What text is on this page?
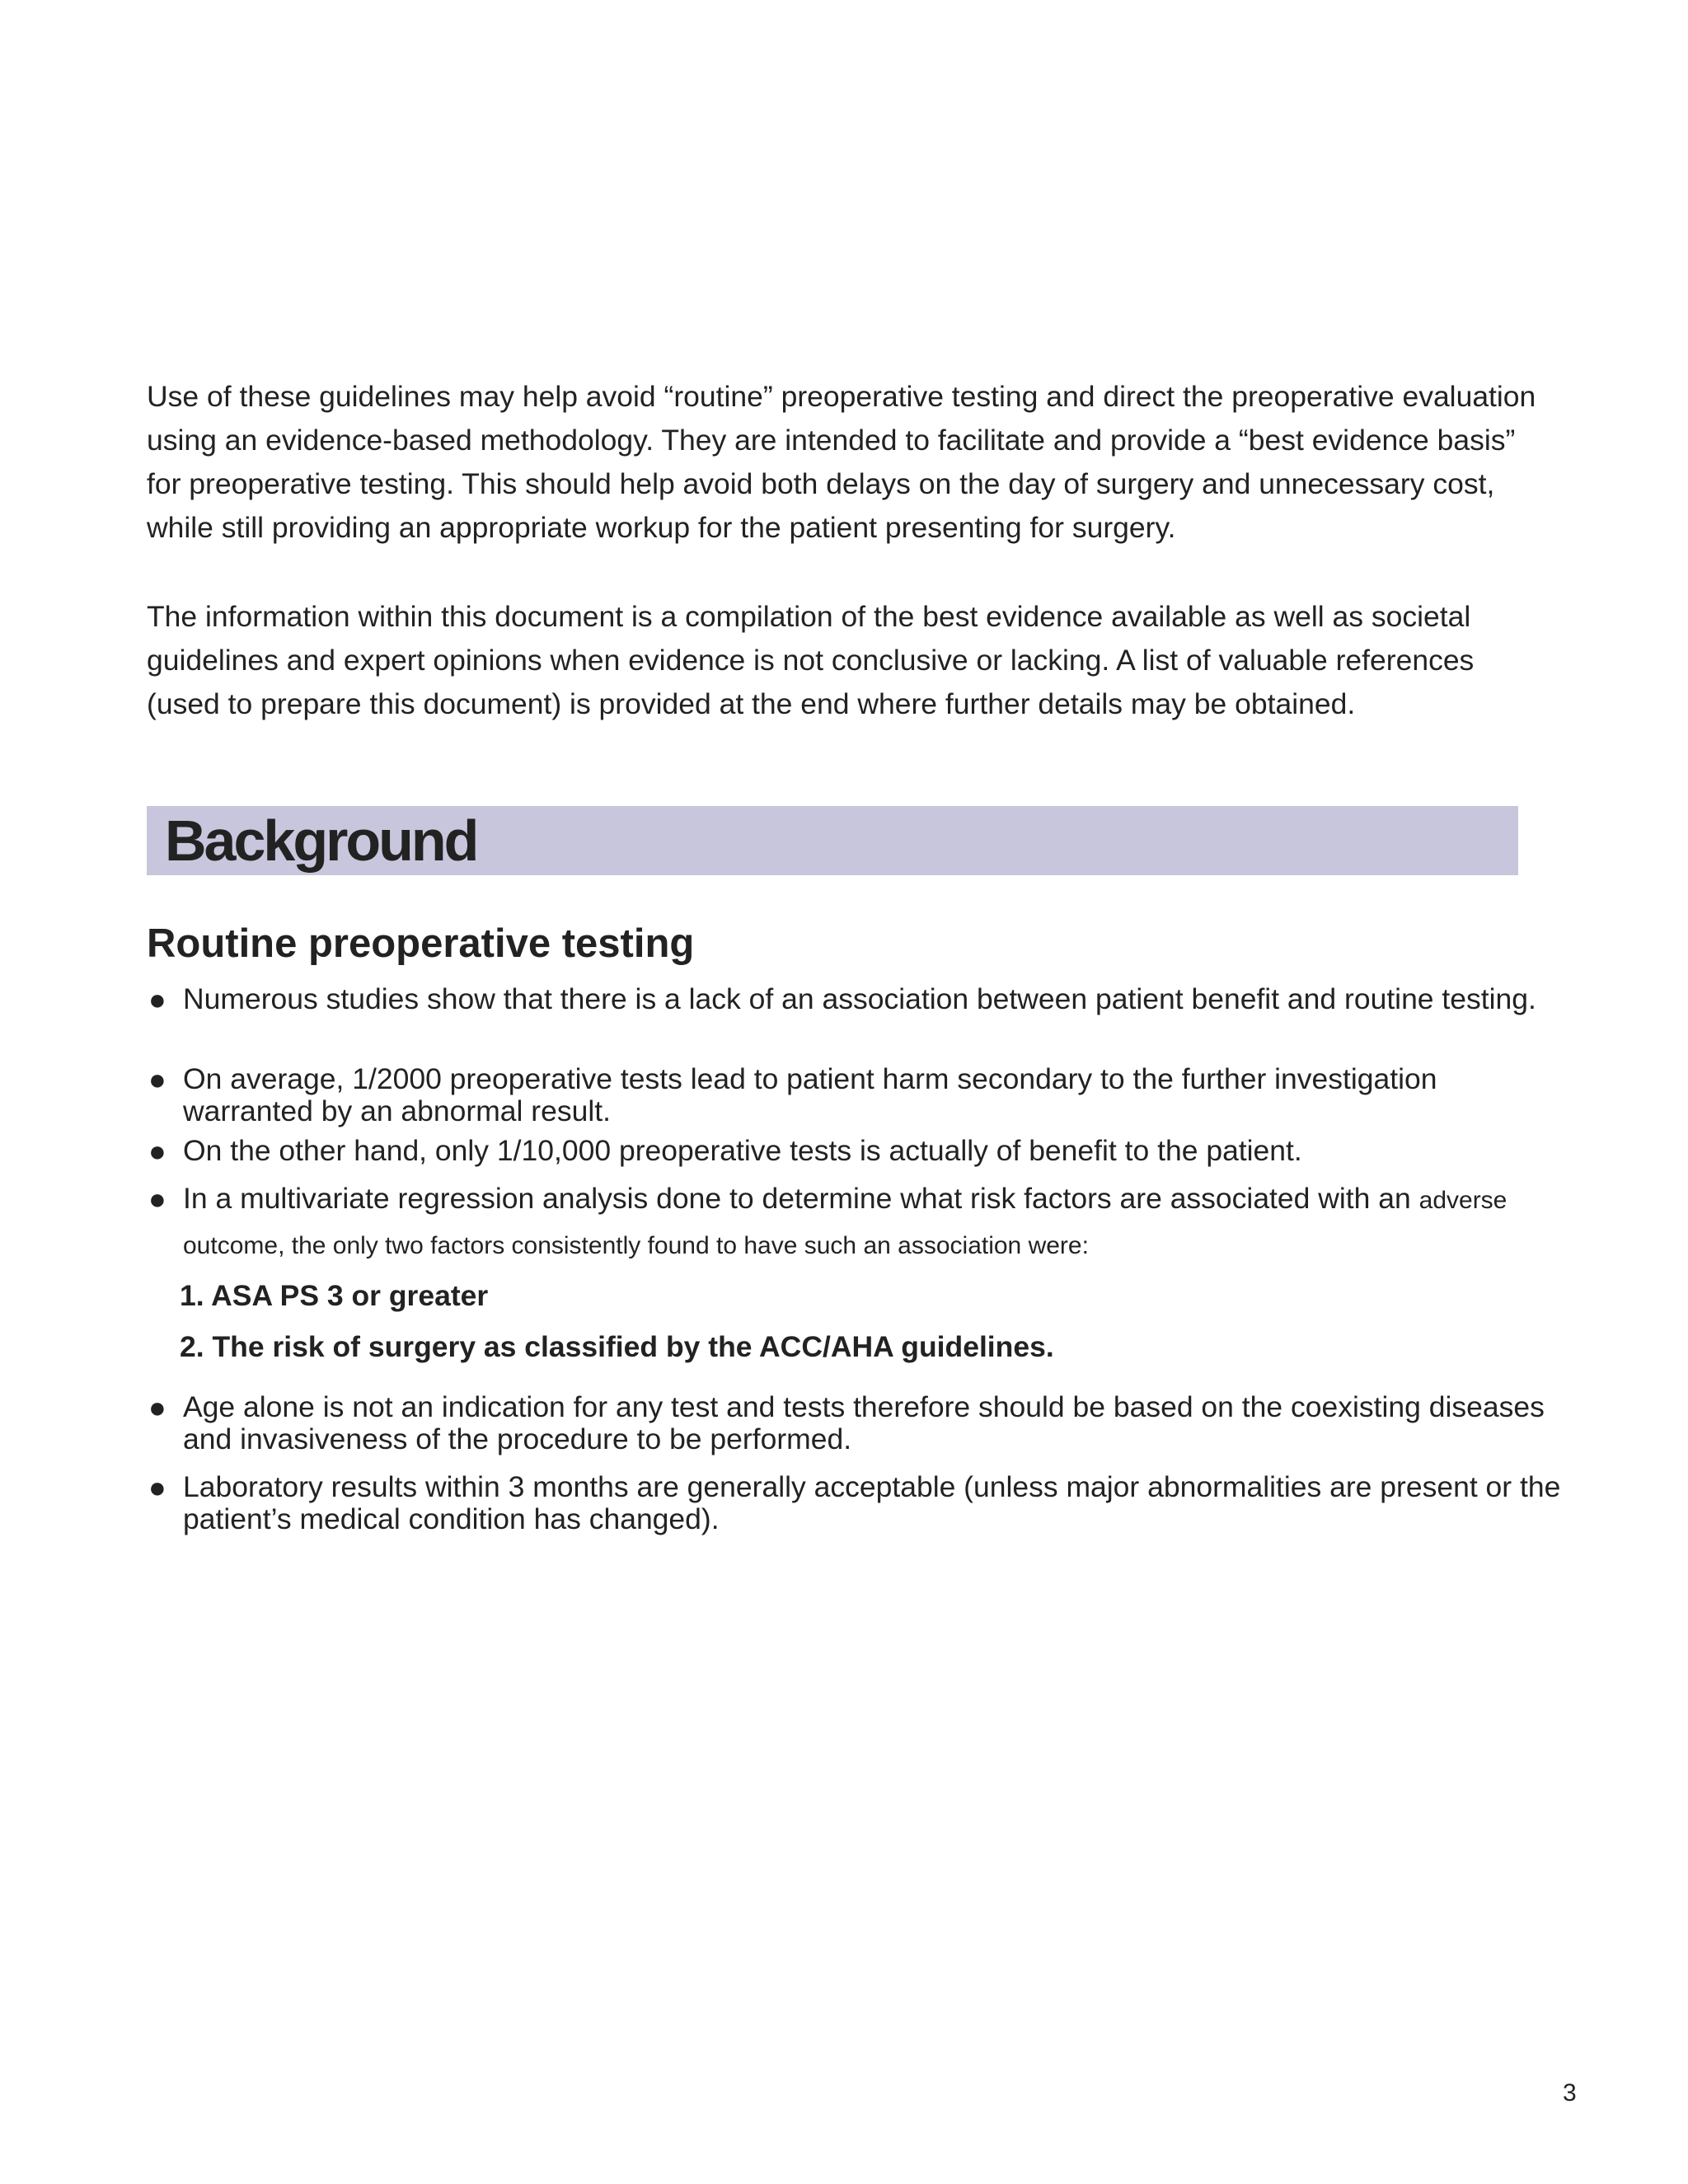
Use of these guidelines may help avoid “routine” preoperative testing and direct the preoperative evaluation using an evidence-based methodology. They are intended to facilitate and provide a “best evidence basis” for preoperative testing. This should help avoid both delays on the day of surgery and unnecessary cost, while still providing an appropriate workup for the patient presenting for surgery.

The information within this document is a compilation of the best evidence available as well as societal guidelines and expert opinions when evidence is not conclusive or lacking. A list of valuable references (used to prepare this document) is provided at the end where further details may be obtained.

Background
Routine preoperative testing
● Numerous studies show that there is a lack of an association between patient benefit and routine testing.
● On average, 1/2000 preoperative tests lead to patient harm secondary to the further investigation warranted by an abnormal result.
● On the other hand, only 1/10,000 preoperative tests is actually of benefit to the patient.
● In a multivariate regression analysis done to determine what risk factors are associated with an adverse outcome, the only two factors consistently found to have such an association were:
1. ASA PS 3 or greater
2. The risk of surgery as classified by the ACC/AHA guidelines.
● Age alone is not an indication for any test and tests therefore should be based on the coexisting diseases and invasiveness of the procedure to be performed.
● Laboratory results within 3 months are generally acceptable (unless major abnormalities are present or the patient’s medical condition has changed).
3
